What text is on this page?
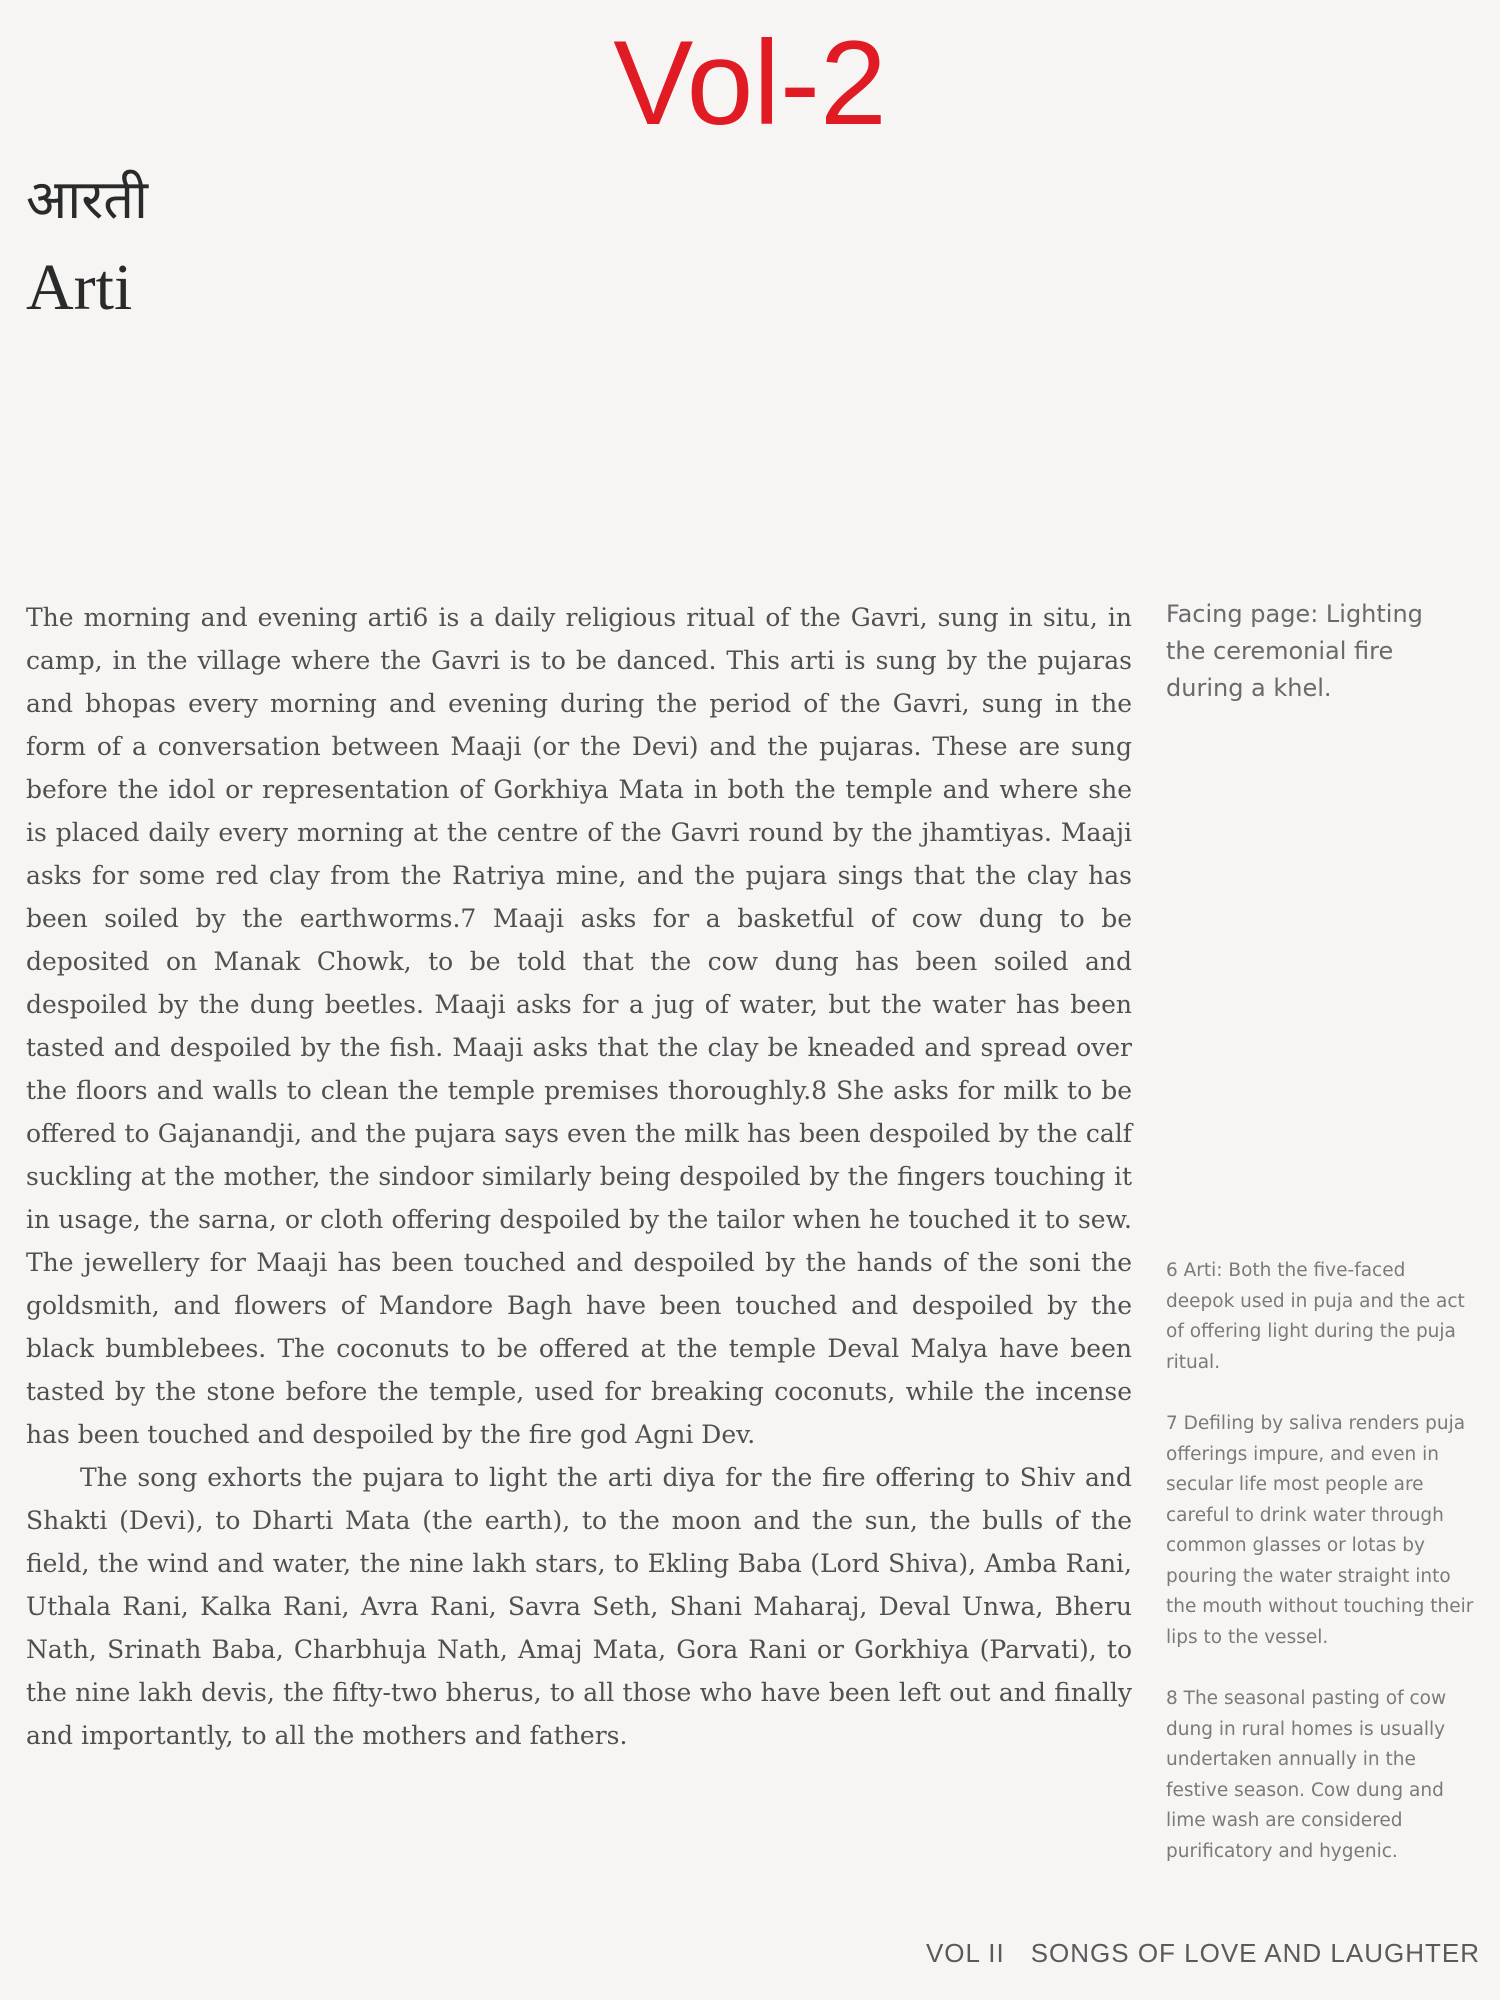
Vol-2
आरती
Arti

The morning and evening arti6 is a daily religious ritual of the Gavri, sung in situ, in camp, in the village where the Gavri is to be danced. This arti is sung by the pujaras and bhopas every morning and evening during the period of the Gavri, sung in the form of a conversation between Maaji (or the Devi) and the pujaras. These are sung before the idol or representation of Gorkhiya Mata in both the temple and where she is placed daily every morning at the centre of the Gavri round by the jhamtiyas. Maaji asks for some red clay from the Ratriya mine, and the pujara sings that the clay has been soiled by the earthworms.7 Maaji asks for a basketful of cow dung to be deposited on Manak Chowk, to be told that the cow dung has been soiled and despoiled by the dung beetles. Maaji asks for a jug of water, but the water has been tasted and despoiled by the fish. Maaji asks that the clay be kneaded and spread over the floors and walls to clean the temple premises thoroughly.8 She asks for milk to be offered to Gajanandji, and the pujara says even the milk has been despoiled by the calf suckling at the mother, the sindoor similarly being despoiled by the fingers touching it in usage, the sarna, or cloth offering despoiled by the tailor when he touched it to sew. The jewellery for Maaji has been touched and despoiled by the hands of the soni the goldsmith, and flowers of Mandore Bagh have been touched and despoiled by the black bumblebees. The coconuts to be offered at the temple Deval Malya have been tasted by the stone before the temple, used for breaking coconuts, while the incense has been touched and despoiled by the fire god Agni Dev.

The song exhorts the pujara to light the arti diya for the fire offering to Shiv and Shakti (Devi), to Dharti Mata (the earth), to the moon and the sun, the bulls of the field, the wind and water, the nine lakh stars, to Ekling Baba (Lord Shiva), Amba Rani, Uthala Rani, Kalka Rani, Avra Rani, Savra Seth, Shani Maharaj, Deval Unwa, Bheru Nath, Srinath Baba, Charbhuja Nath, Amaj Mata, Gora Rani or Gorkhiya (Parvati), to the nine lakh devis, the fifty-two bherus, to all those who have been left out and finally and importantly, to all the mothers and fathers.

Facing page: Lighting the ceremonial fire during a khel.

6 Arti: Both the five-faced deepok used in puja and the act of offering light during the puja ritual.

7 Defiling by saliva renders puja offerings impure, and even in secular life most people are careful to drink water through common glasses or lotas by pouring the water straight into the mouth without touching their lips to the vessel.

8 The seasonal pasting of cow dung in rural homes is usually undertaken annually in the festive season. Cow dung and lime wash are considered purificatory and hygenic.

VOL II SONGS OF LOVE AND LAUGHTER
